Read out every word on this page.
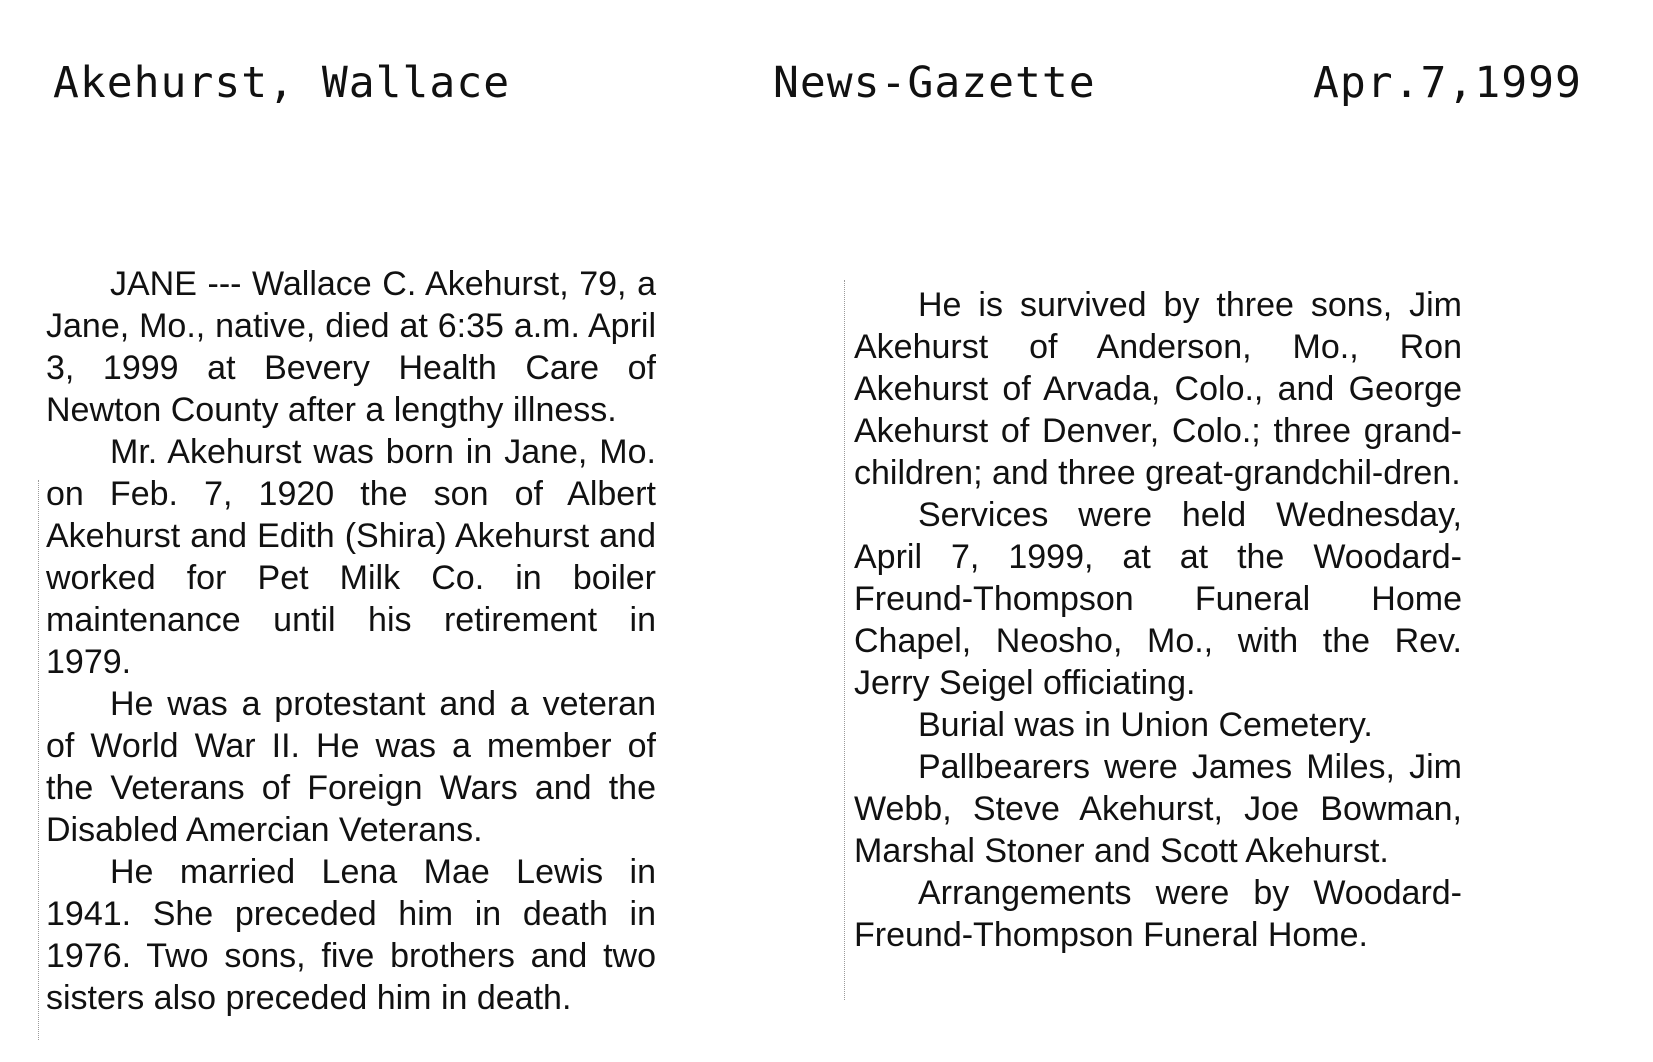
Akehurst, Wallace	News-Gazette	Apr.7,1999

JANE --- Wallace C. Akehurst, 79, a Jane, Mo., native, died at 6:35 a.m. April 3, 1999 at Bevery Health Care of Newton County after a lengthy illness.

Mr. Akehurst was born in Jane, Mo. on Feb. 7, 1920 the son of Albert Akehurst and Edith (Shira) Akehurst and worked for Pet Milk Co. in boiler maintenance until his retirement in 1979.

He was a protestant and a veteran of World War II. He was a member of the Veterans of Foreign Wars and the Disabled Amercian Veterans.

He married Lena Mae Lewis in 1941. She preceded him in death in 1976. Two sons, five brothers and two sisters also preceded him in death.

He is survived by three sons, Jim Akehurst of Anderson, Mo., Ron Akehurst of Arvada, Colo., and George Akehurst of Denver, Colo.; three grand-children; and three great-grandchil-dren.

Services were held Wednesday, April 7, 1999, at at the Woodard-Freund-Thompson Funeral Home Chapel, Neosho, Mo., with the Rev. Jerry Seigel officiating.

Burial was in Union Cemetery.

Pallbearers were James Miles, Jim Webb, Steve Akehurst, Joe Bowman, Marshal Stoner and Scott Akehurst.

Arrangements were by Woodard-Freund-Thompson Funeral Home.
